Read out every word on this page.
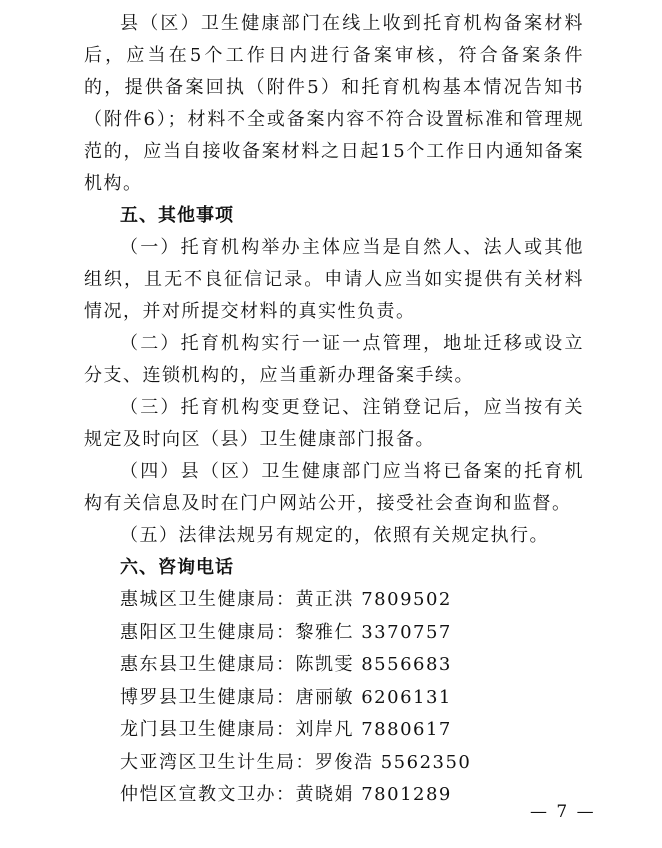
县（区）卫生健康部门在线上收到托育机构备案材料后，应当在5个工作日内进行备案审核，符合备案条件的，提供备案回执（附件5）和托育机构基本情况告知书（附件6）；材料不全或备案内容不符合设置标准和管理规范的，应当自接收备案材料之日起15个工作日内通知备案机构。

五、其他事项

（一）托育机构举办主体应当是自然人、法人或其他组织，且无不良征信记录。申请人应当如实提供有关材料情况，并对所提交材料的真实性负责。

（二）托育机构实行一证一点管理，地址迁移或设立分支、连锁机构的，应当重新办理备案手续。

（三）托育机构变更登记、注销登记后，应当按有关规定及时向区（县）卫生健康部门报备。

（四）县（区）卫生健康部门应当将已备案的托育机构有关信息及时在门户网站公开，接受社会查询和监督。

（五）法律法规另有规定的，依照有关规定执行。

六、咨询电话

惠城区卫生健康局：黄正洪 7809502

惠阳区卫生健康局：黎雅仁 3370757

惠东县卫生健康局：陈凯雯 8556683

博罗县卫生健康局：唐丽敏 6206131

龙门县卫生健康局：刘岸凡 7880617

大亚湾区卫生计生局：罗俊浩 5562350

仲恺区宣教文卫办：黄晓娟 7801289

— 7 —
